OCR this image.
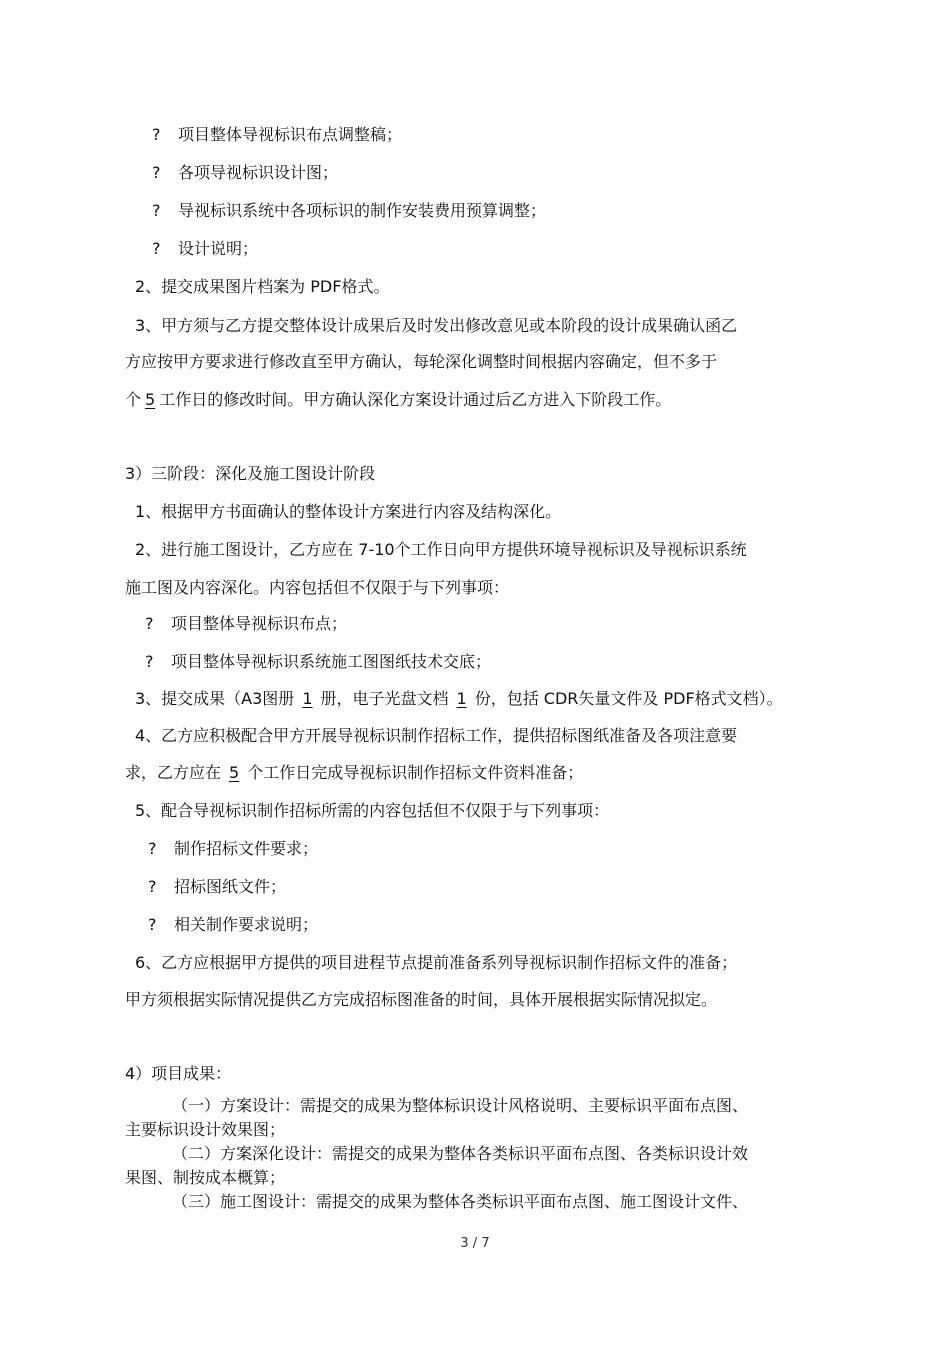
? 项目整体导视标识布点调整稿；
? 各项导视标识设计图；
? 导视标识系统中各项标识的制作安装费用预算调整；
? 设计说明；
2、提交成果图片档案为 PDF格式。
3、甲方须与乙方提交整体设计成果后及时发出修改意见或本阶段的设计成果确认函乙
方应按甲方要求进行修改直至甲方确认，每轮深化调整时间根据内容确定，但不多于
个 5 工作日的修改时间。甲方确认深化方案设计通过后乙方进入下阶段工作。
3）三阶段：深化及施工图设计阶段
1、根据甲方书面确认的整体设计方案进行内容及结构深化。
2、进行施工图设计，乙方应在 7-10个工作日向甲方提供环境导视标识及导视标识系统
施工图及内容深化。内容包括但不仅限于与下列事项：
? 项目整体导视标识布点；
? 项目整体导视标识系统施工图图纸技术交底；
3、提交成果（A3图册 1 册，电子光盘文档 1 份，包括 CDR矢量文件及 PDF格式文档）。
4、乙方应积极配合甲方开展导视标识制作招标工作，提供招标图纸准备及各项注意要
求，乙方应在 5 个工作日完成导视标识制作招标文件资料准备；
5、配合导视标识制作招标所需的内容包括但不仅限于与下列事项：
? 制作招标文件要求；
? 招标图纸文件；
? 相关制作要求说明；
6、乙方应根据甲方提供的项目进程节点提前准备系列导视标识制作招标文件的准备；
甲方须根据实际情况提供乙方完成招标图准备的时间，具体开展根据实际情况拟定。
4）项目成果：
（一）方案设计：需提交的成果为整体标识设计风格说明、主要标识平面布点图、
主要标识设计效果图；
（二）方案深化设计：需提交的成果为整体各类标识平面布点图、各类标识设计效
果图、制按成本概算；
（三）施工图设计：需提交的成果为整体各类标识平面布点图、施工图设计文件、
3 / 7
